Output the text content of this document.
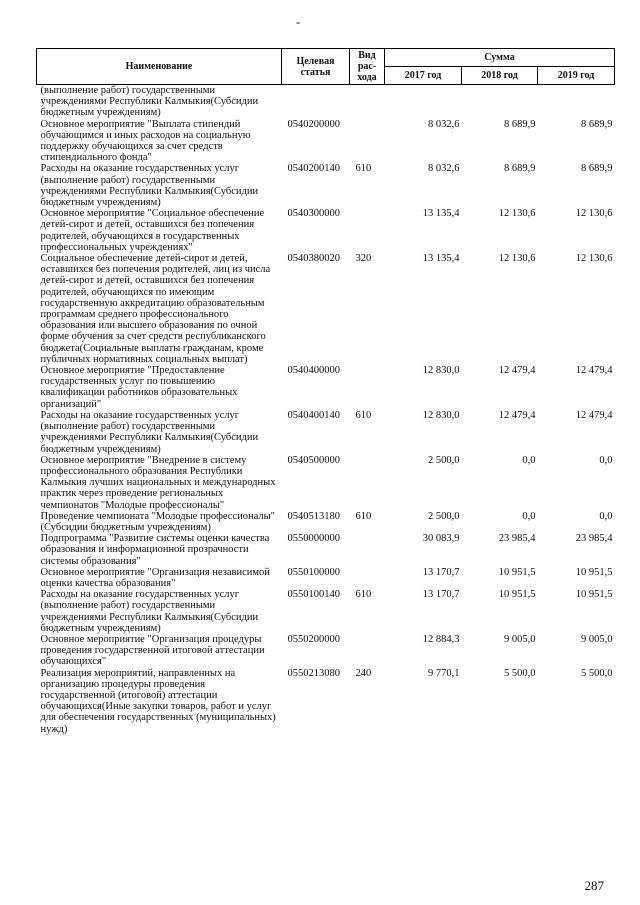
-
Наименование	Целевая статья	Вид рас-хода	Сумма		
			2017 год	2018 год	2019 год
(выполнение работ) государственными учреждениями Республики Калмыкия(Субсидии бюджетным учреждениям)					
Основное мероприятие "Выплата стипендий обучающимся и иных расходов на социальную поддержку обучающихся за счет средств стипендиального фонда"	0540200000		8 032,6	8 689,9	8 689,9
Расходы на оказание государственных услуг (выполнение работ) государственными учреждениями Республики Калмыкия(Субсидии бюджетным учреждениям)	0540200140	610	8 032,6	8 689,9	8 689,9
Основное мероприятие "Социальное обеспечение детей-сирот и детей, оставшихся без попечения родителей, обучающихся в государственных профессиональных учреждениях"	0540300000		13 135,4	12 130,6	12 130,6
Социальное обеспечение детей-сирот и детей, оставшихся без попечения родителей, лиц из числа детей-сирот и детей, оставшихся без попечения родителей, обучающихся по имеющим государственную аккредитацию образовательным программам среднего профессионального образования или высшего образования по очной форме обучения за счет средств республиканского бюджета(Социальные выплаты гражданам, кроме публичных нормативных социальных выплат)	0540380020	320	13 135,4	12 130,6	12 130,6
Основное мероприятие "Предоставление государственных услуг по повышению квалификации работников образовательных организаций"	0540400000		12 830,0	12 479,4	12 479,4
Расходы на оказание государственных услуг (выполнение работ) государственными учреждениями Республики Калмыкия(Субсидии бюджетным учреждениям)	0540400140	610	12 830,0	12 479,4	12 479,4
Основное мероприятие "Внедрение в систему профессионального образования Республики Калмыкия лучших национальных и международных практик через проведение региональных чемпионатов "Молодые профессионалы"	0540500000		2 500,0	0,0	0,0
Проведение чемпионата "Молодые профессионалы"(Субсидии бюджетным учреждениям)	0540513180	610	2 500,0	0,0	0,0
Подпрограмма "Развитие системы оценки качества образования и информационной прозрачности системы образования"	0550000000		30 083,9	23 985,4	23 985,4
Основное мероприятие "Организация независимой оценки качества образования"	0550100000		13 170,7	10 951,5	10 951,5
Расходы на оказание государственных услуг (выполнение работ) государственными учреждениями Республики Калмыкия(Субсидии бюджетным учреждениям)	0550100140	610	13 170,7	10 951,5	10 951,5
Основное мероприятие "Организация процедуры проведения государственной итоговой аттестации обучающихся"	0550200000		12 884,3	9 005,0	9 005,0
Реализация мероприятий, направленных на организацию процедуры проведения государственной (итоговой) аттестации обучающихся(Иные закупки товаров, работ и услуг для обеспечения государственных (муниципальных) нужд)	0550213080	240	9 770,1	5 500,0	5 500,0
287
